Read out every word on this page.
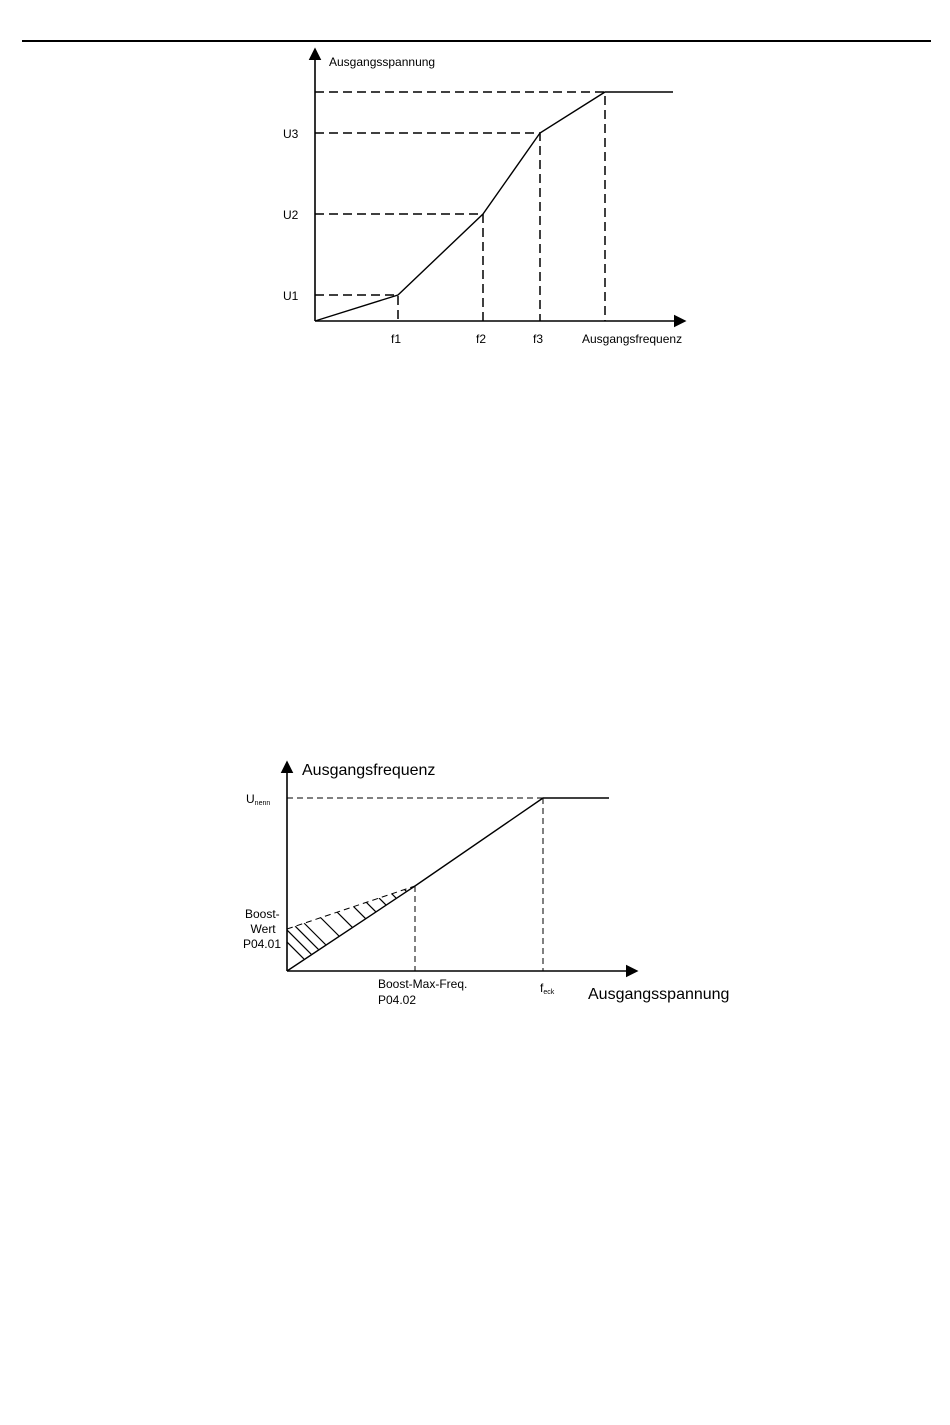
Ausgangsspannung
Ausgangsfrequenz
U1
U2
U3
f1	f2	f3
Ausgangsfrequenz
Ausgangsspannung
Unenn
Boost- Wert P04.01
Boost-Max-Freq. P04.02
feck
